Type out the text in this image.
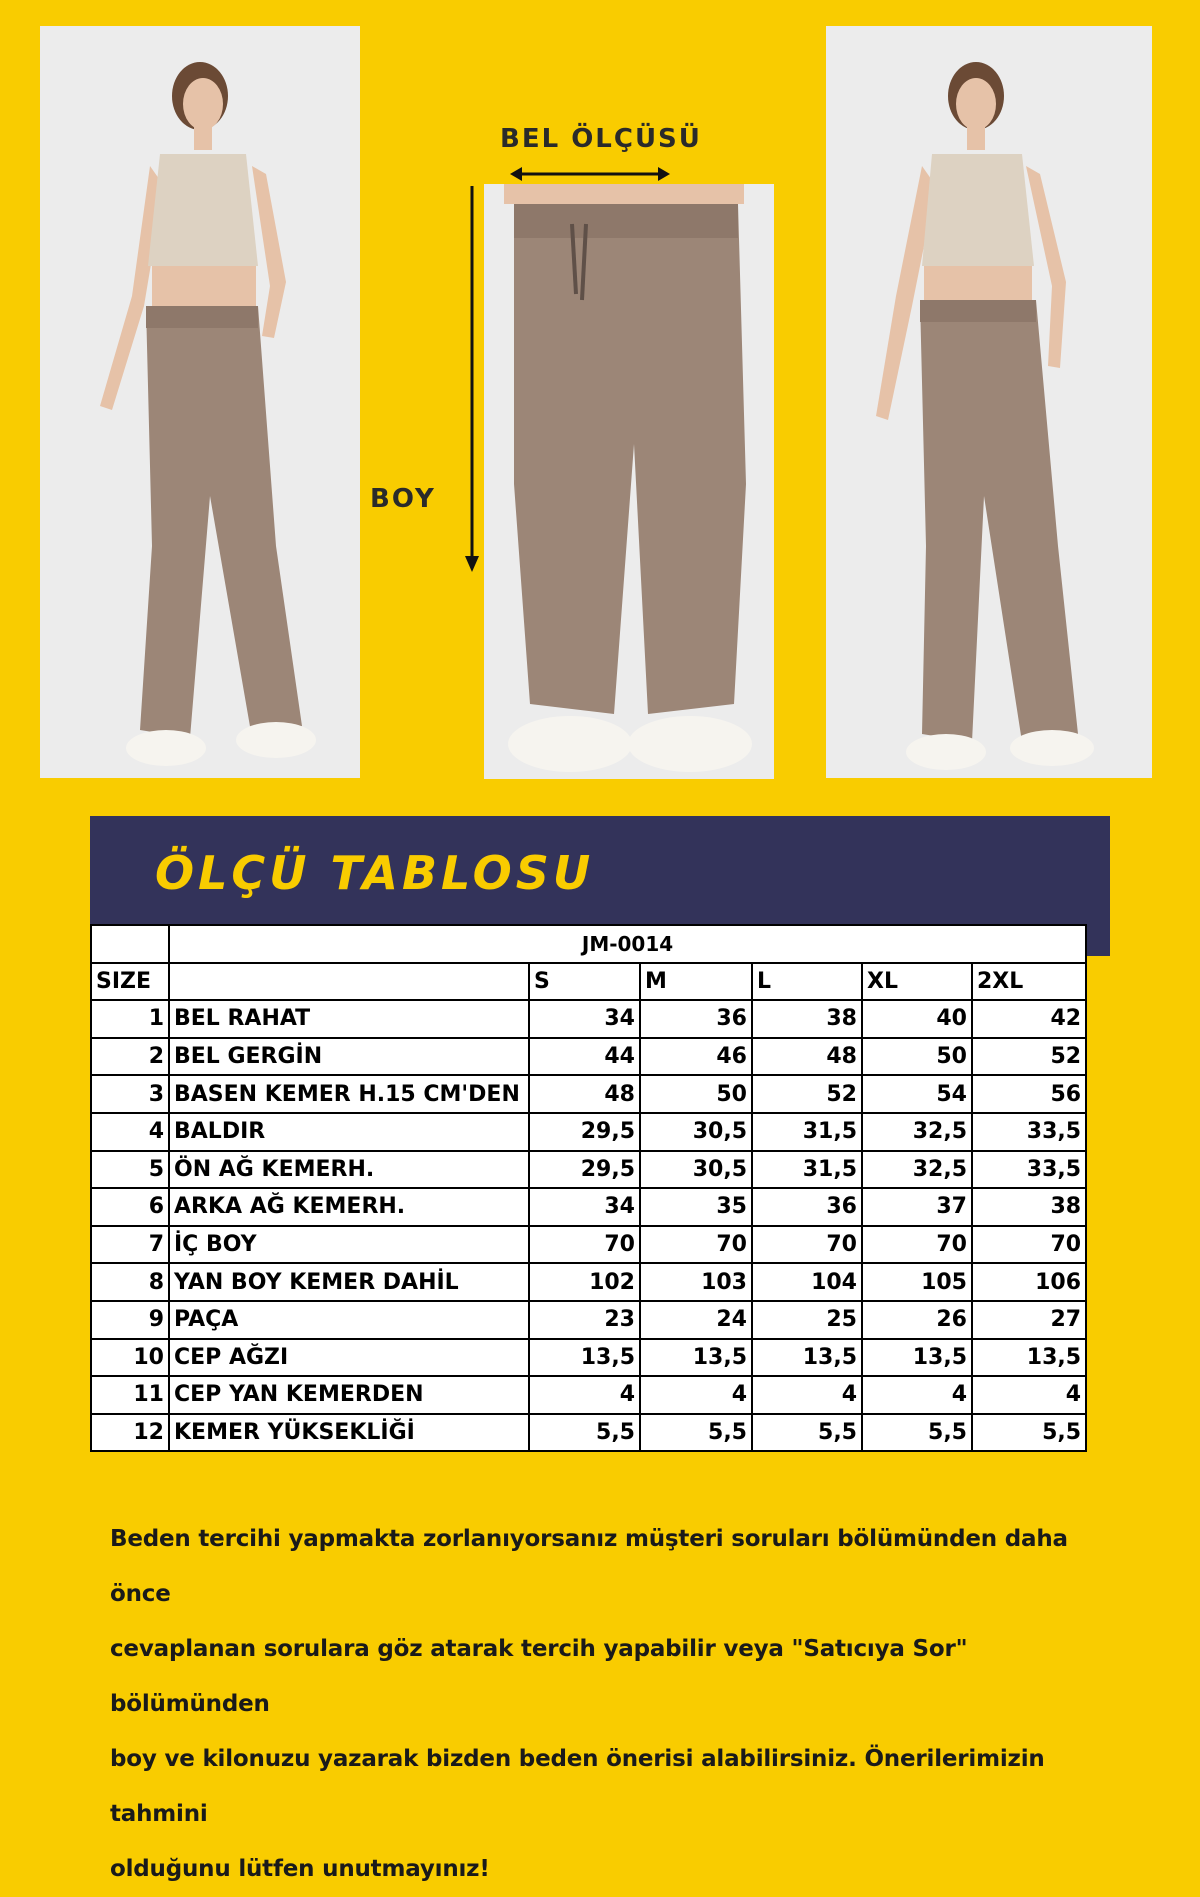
BEL ÖLÇÜSÜ
BOY
ÖLÇÜ TABLOSU
	JM-0014					
SIZE		S	M	L	XL	2XL
1	BEL RAHAT	34	36	38	40	42
2	BEL GERGİN	44	46	48	50	52
3	BASEN KEMER H.15 CM'DEN	48	50	52	54	56
4	BALDIR	29,5	30,5	31,5	32,5	33,5
5	ÖN AĞ KEMERH.	29,5	30,5	31,5	32,5	33,5
6	ARKA AĞ KEMERH.	34	35	36	37	38
7	İÇ BOY	70	70	70	70	70
8	YAN BOY KEMER DAHİL	102	103	104	105	106
9	PAÇA	23	24	25	26	27
10	CEP AĞZI	13,5	13,5	13,5	13,5	13,5
11	CEP YAN KEMERDEN	4	4	4	4	4
12	KEMER YÜKSEKLİĞİ	5,5	5,5	5,5	5,5	5,5
Beden tercihi yapmakta zorlanıyorsanız müşteri soruları bölümünden daha önce
cevaplanan sorulara göz atarak tercih yapabilir veya "Satıcıya Sor" bölümünden
boy ve kilonuzu yazarak bizden beden önerisi alabilirsiniz. Önerilerimizin tahmini
olduğunu lütfen unutmayınız!
